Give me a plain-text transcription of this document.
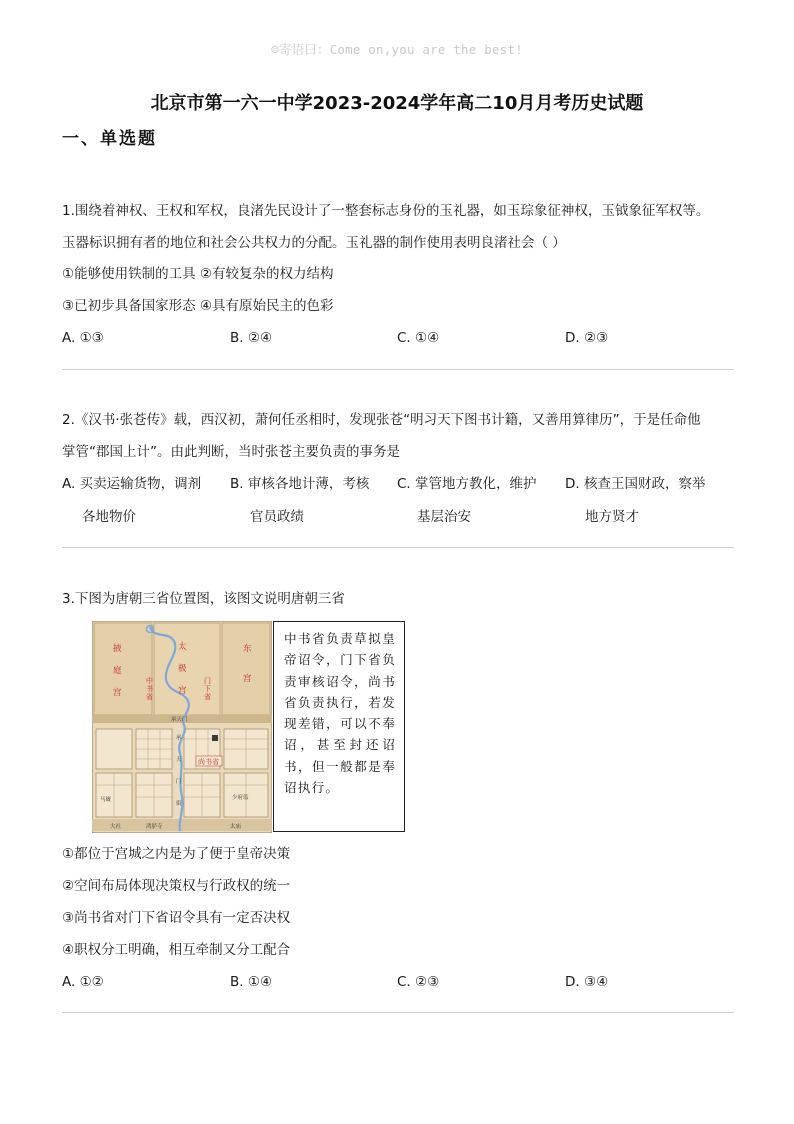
☺寄语曰：Come on,you are the best!
北京市第一六一中学2023-2024学年高二10月月考历史试题
一、单选题
1.围绕着神权、王权和军权，良渚先民设计了一整套标志身份的玉礼器，如玉琮象征神权，玉钺象征军权等。
玉器标识拥有者的地位和社会公共权力的分配。玉礼器的制作使用表明良渚社会（ ）
①能够使用铁制的工具 ②有较复杂的权力结构
③已初步具备国家形态 ④具有原始民主的色彩
A. ①③	B. ②④	C. ①④	D. ②③
2.《汉书·张苍传》载，西汉初，萧何任丞相时，发现张苍“明习天下图书计籍，又善用算律历”，于是任命他
掌管“郡国上计”。由此判断，当时张苍主要负责的事务是
A. 买卖运输货物，调剂
各地物价
B. 审核各地计薄，考核
官员政绩
C. 掌管地方教化，维护
基层治安
D. 核查王国财政，察举
地方贤才
3.下图为唐朝三省位置图，该图文说明唐朝三省
掖庭宫
太极宫
东宫
中书省
门下省
尚书省
承天门
承天门街
马厩	少府监
大社	鸿胪寺	太庙
中书省负责草拟皇帝诏令，门下省负责审核诏令，尚书省负责执行，若发现差错，可以不奉诏，甚至封还诏书，但一般都是奉诏执行。
①都位于宫城之内是为了便于皇帝决策
②空间布局体现决策权与行政权的统一
③尚书省对门下省诏令具有一定否决权
④职权分工明确，相互牵制又分工配合
A. ①②	B. ①④	C. ②③	D. ③④
